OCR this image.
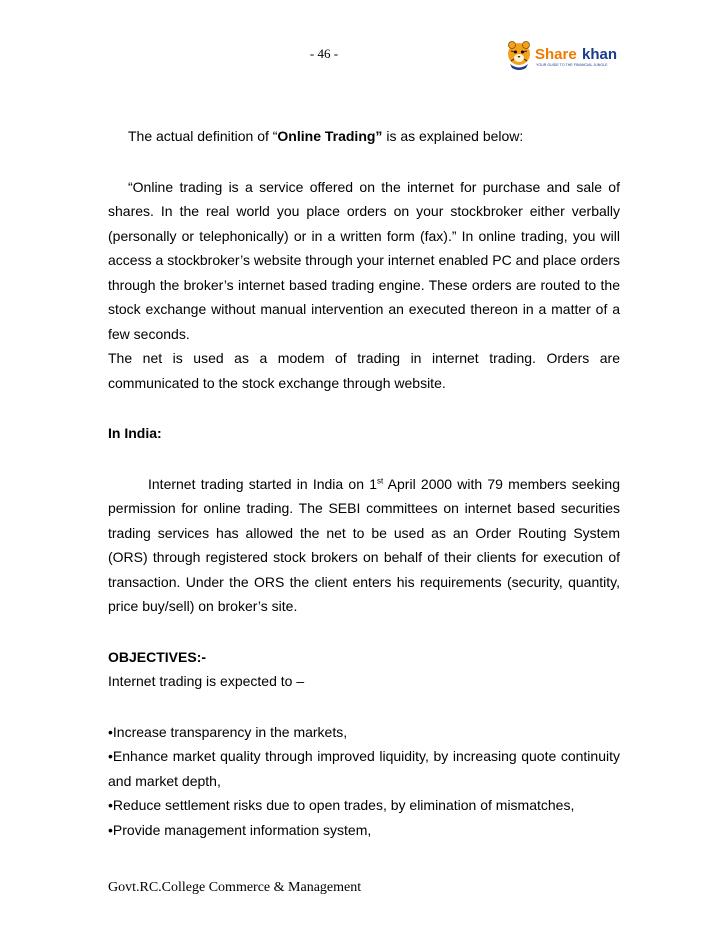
- 46 -	Share khan
YOUR GUIDE TO THE FINANCIAL JUNGLE

The actual definition of “Online Trading” is as explained below:

“Online trading is a service offered on the internet for purchase and sale of shares. In the real world you place orders on your stockbroker either verbally (personally or telephonically) or in a written form (fax).” In online trading, you will access a stockbroker’s website through your internet enabled PC and place orders through the broker’s internet based trading engine. These orders are routed to the stock exchange without manual intervention an executed thereon in a matter of a few seconds.

The net is used as a modem of trading in internet trading. Orders are communicated to the stock exchange through website.

In India:

Internet trading started in India on 1st April 2000 with 79 members seeking permission for online trading. The SEBI committees on internet based securities trading services has allowed the net to be used as an Order Routing System (ORS) through registered stock brokers on behalf of their clients for execution of transaction. Under the ORS the client enters his requirements (security, quantity, price buy/sell) on broker’s site.

OBJECTIVES:-

Internet trading is expected to –

•Increase transparency in the markets,

•Enhance market quality through improved liquidity, by increasing quote continuity and market depth,

•Reduce settlement risks due to open trades, by elimination of mismatches,

•Provide management information system,

Govt.RC.College Commerce & Management
